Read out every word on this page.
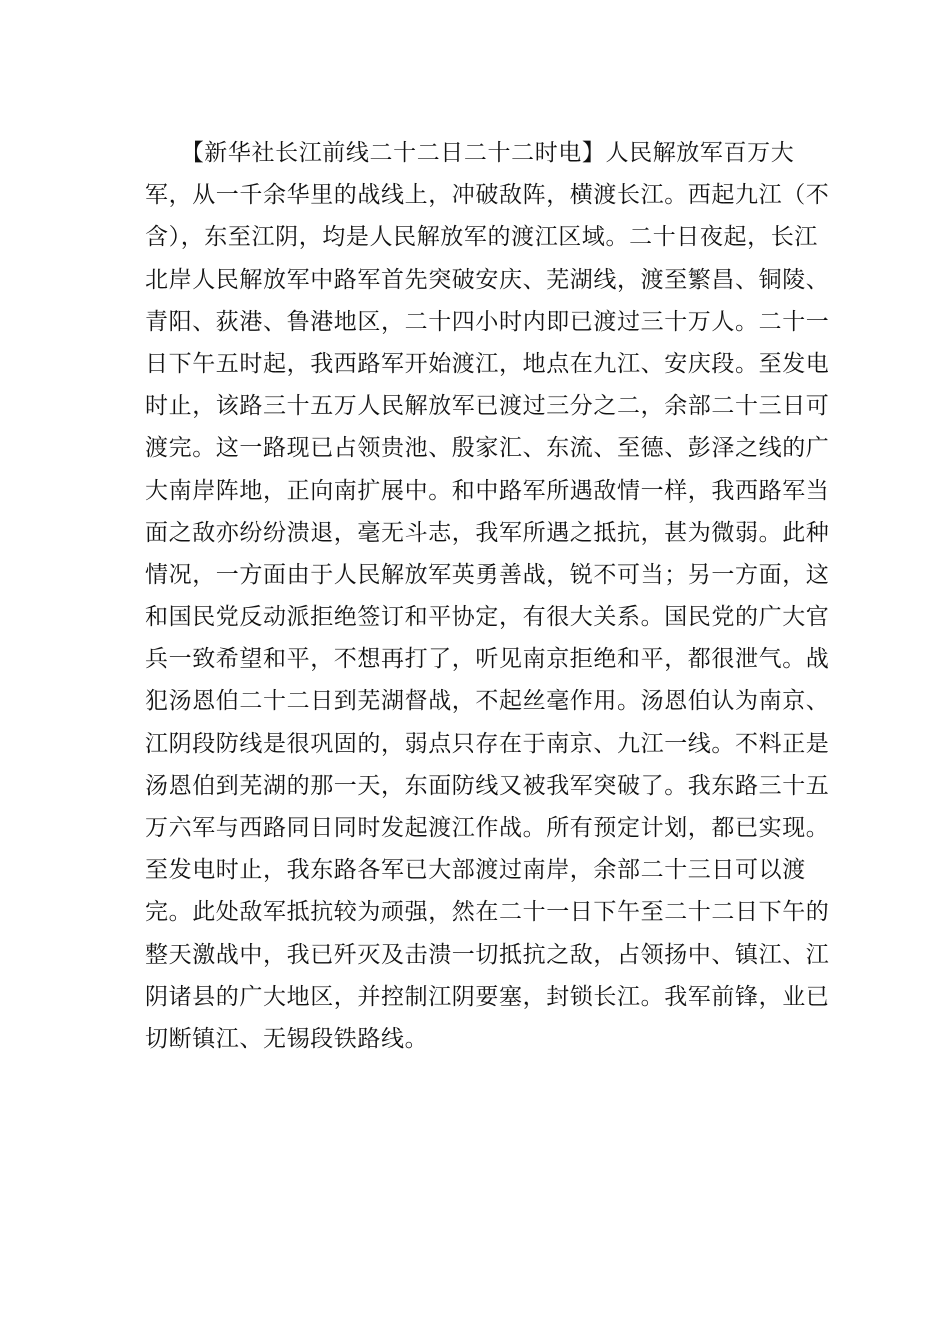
　　【新华社长江前线二十二日二十二时电】人民解放军百万大
军，从一千余华里的战线上，冲破敌阵，横渡长江。西起九江（不
含），东至江阴，均是人民解放军的渡江区域。二十日夜起，长江
北岸人民解放军中路军首先突破安庆、芜湖线，渡至繁昌、铜陵、
青阳、荻港、鲁港地区，二十四小时内即已渡过三十万人。二十一
日下午五时起，我西路军开始渡江，地点在九江、安庆段。至发电
时止，该路三十五万人民解放军已渡过三分之二，余部二十三日可
渡完。这一路现已占领贵池、殷家汇、东流、至德、彭泽之线的广
大南岸阵地，正向南扩展中。和中路军所遇敌情一样，我西路军当
面之敌亦纷纷溃退，毫无斗志，我军所遇之抵抗，甚为微弱。此种
情况，一方面由于人民解放军英勇善战，锐不可当；另一方面，这
和国民党反动派拒绝签订和平协定，有很大关系。国民党的广大官
兵一致希望和平，不想再打了，听见南京拒绝和平，都很泄气。战
犯汤恩伯二十二日到芜湖督战，不起丝毫作用。汤恩伯认为南京、
江阴段防线是很巩固的，弱点只存在于南京、九江一线。不料正是
汤恩伯到芜湖的那一天，东面防线又被我军突破了。我东路三十五
万六军与西路同日同时发起渡江作战。所有预定计划，都已实现。
至发电时止，我东路各军已大部渡过南岸，余部二十三日可以渡
完。此处敌军抵抗较为顽强，然在二十一日下午至二十二日下午的
整天激战中，我已歼灭及击溃一切抵抗之敌，占领扬中、镇江、江
阴诸县的广大地区，并控制江阴要塞，封锁长江。我军前锋，业已
切断镇江、无锡段铁路线。
